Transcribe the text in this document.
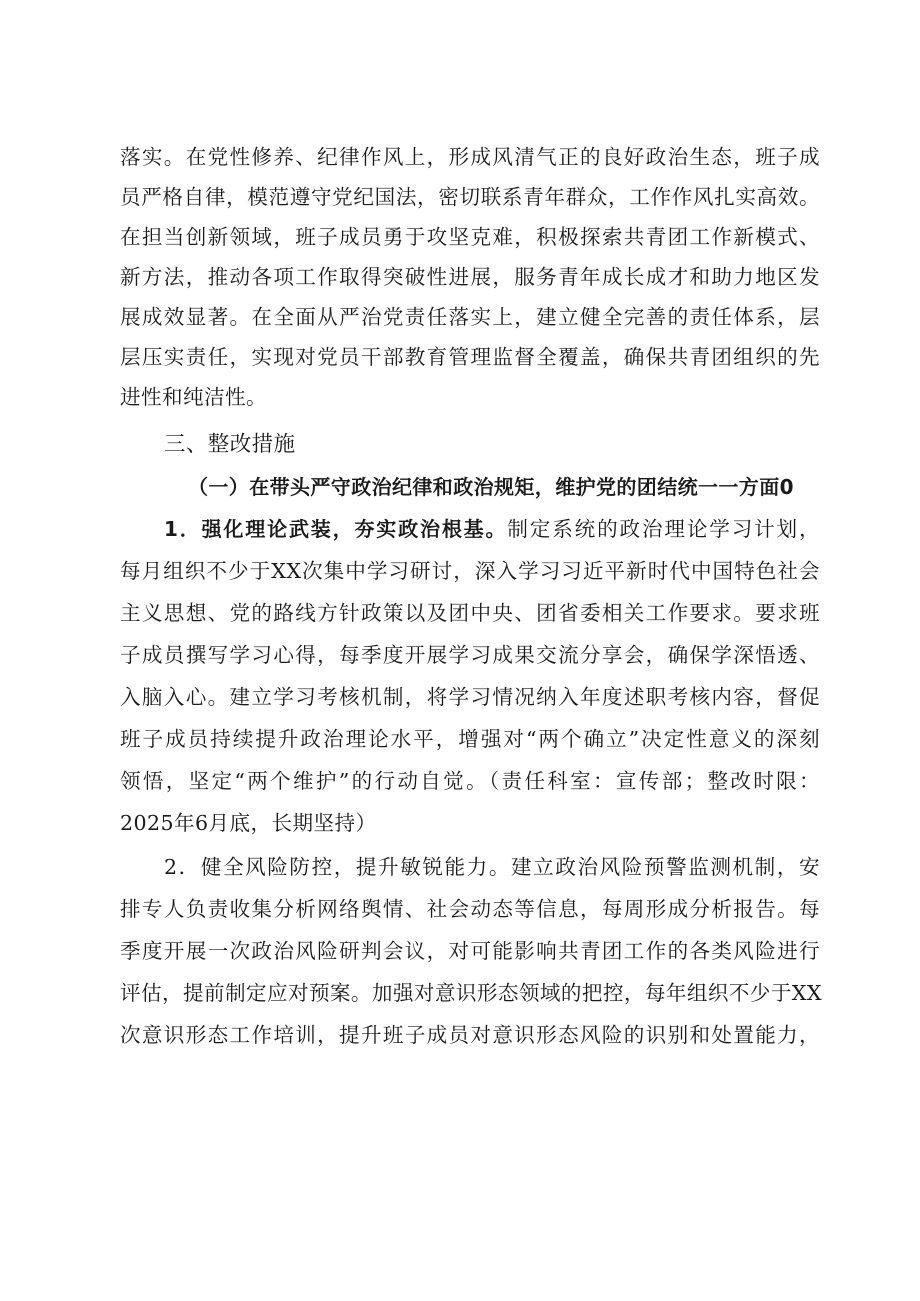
落实。在党性修养、纪律作风上，形成风清气正的良好政治生态，班子成
员严格自律，模范遵守党纪国法，密切联系青年群众，工作作风扎实高效。
在担当创新领域，班子成员勇于攻坚克难，积极探索共青团工作新模式、
新方法，推动各项工作取得突破性进展，服务青年成长成才和助力地区发
展成效显著。在全面从严治党责任落实上，建立健全完善的责任体系，层
层压实责任，实现对党员干部教育管理监督全覆盖，确保共青团组织的先
进性和纯洁性。
三、整改措施
（一）在带头严守政治纪律和政治规矩，维护党的团结统一一方面0
1．强化理论武装，夯实政治根基。制定系统的政治理论学习计划，
每月组织不少于XX次集中学习研讨，深入学习习近平新时代中国特色社会
主义思想、党的路线方针政策以及团中央、团省委相关工作要求。要求班
子成员撰写学习心得，每季度开展学习成果交流分享会，确保学深悟透、
入脑入心。建立学习考核机制，将学习情况纳入年度述职考核内容，督促
班子成员持续提升政治理论水平，增强对“两个确立”决定性意义的深刻
领悟，坚定“两个维护”的行动自觉。（责任科室：宣传部；整改时限：
2025年6月底，长期坚持）
2．健全风险防控，提升敏锐能力。建立政治风险预警监测机制，安
排专人负责收集分析网络舆情、社会动态等信息，每周形成分析报告。每
季度开展一次政治风险研判会议，对可能影响共青团工作的各类风险进行
评估，提前制定应对预案。加强对意识形态领域的把控，每年组织不少于XX
次意识形态工作培训，提升班子成员对意识形态风险的识别和处置能力，
